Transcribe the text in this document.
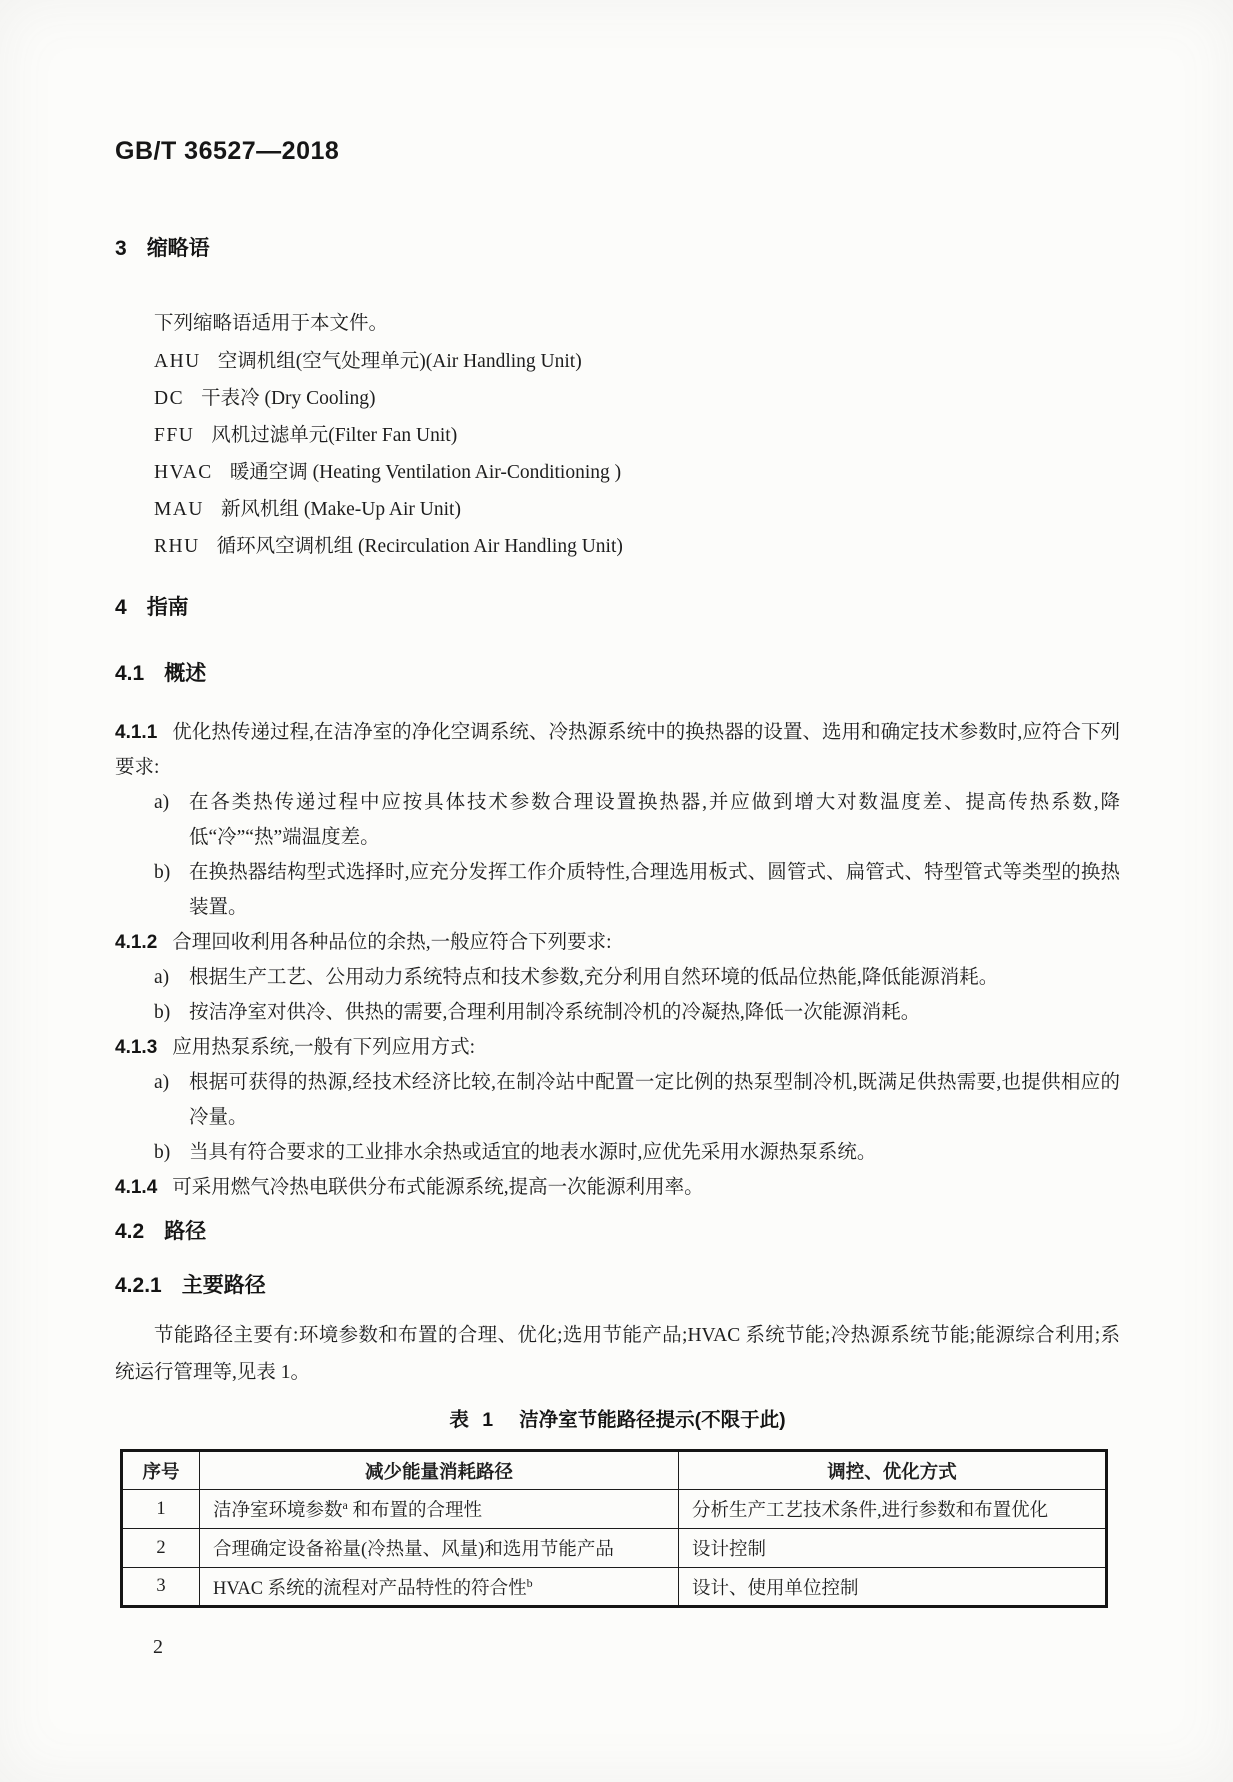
GB/T 36527—2018
3 缩略语

下列缩略语适用于本文件。

AHU 空调机组(空气处理单元)(Air Handling Unit)
DC 干表冷 (Dry Cooling)
FFU 风机过滤单元(Filter Fan Unit)
HVAC 暖通空调 (Heating Ventilation Air-Conditioning )
MAU 新风机组 (Make-Up Air Unit)
RHU 循环风空调机组 (Recirculation Air Handling Unit)
4 指南
4.1 概述
4.1.1 优化热传递过程,在洁净室的净化空调系统、冷热源系统中的换热器的设置、选用和确定技术参数时,应符合下列要求:
a) 在各类热传递过程中应按具体技术参数合理设置换热器,并应做到增大对数温度差、提高传热系数,降低“冷”“热”端温度差。
b) 在换热器结构型式选择时,应充分发挥工作介质特性,合理选用板式、圆管式、扁管式、特型管式等类型的换热装置。
4.1.2 合理回收利用各种品位的余热,一般应符合下列要求:
a) 根据生产工艺、公用动力系统特点和技术参数,充分利用自然环境的低品位热能,降低能源消耗。
b) 按洁净室对供冷、供热的需要,合理利用制冷系统制冷机的冷凝热,降低一次能源消耗。
4.1.3 应用热泵系统,一般有下列应用方式:
a) 根据可获得的热源,经技术经济比较,在制冷站中配置一定比例的热泵型制冷机,既满足供热需要,也提供相应的冷量。
b) 当具有符合要求的工业排水余热或适宜的地表水源时,应优先采用水源热泵系统。
4.1.4 可采用燃气冷热电联供分布式能源系统,提高一次能源利用率。
4.2 路径
4.2.1 主要路径

节能路径主要有:环境参数和布置的合理、优化;选用节能产品;HVAC 系统节能;冷热源系统节能;能源综合利用;系统运行管理等,见表 1。

表 1 洁净室节能路径提示(不限于此)
序号	减少能量消耗路径	调控、优化方式
1	洁净室环境参数$^a$ 和布置的合理性	分析生产工艺技术条件,进行参数和布置优化
2	合理确定设备裕量(冷热量、风量)和选用节能产品	设计控制
3	HVAC 系统的流程对产品特性的符合性$^b$	设计、使用单位控制
2
